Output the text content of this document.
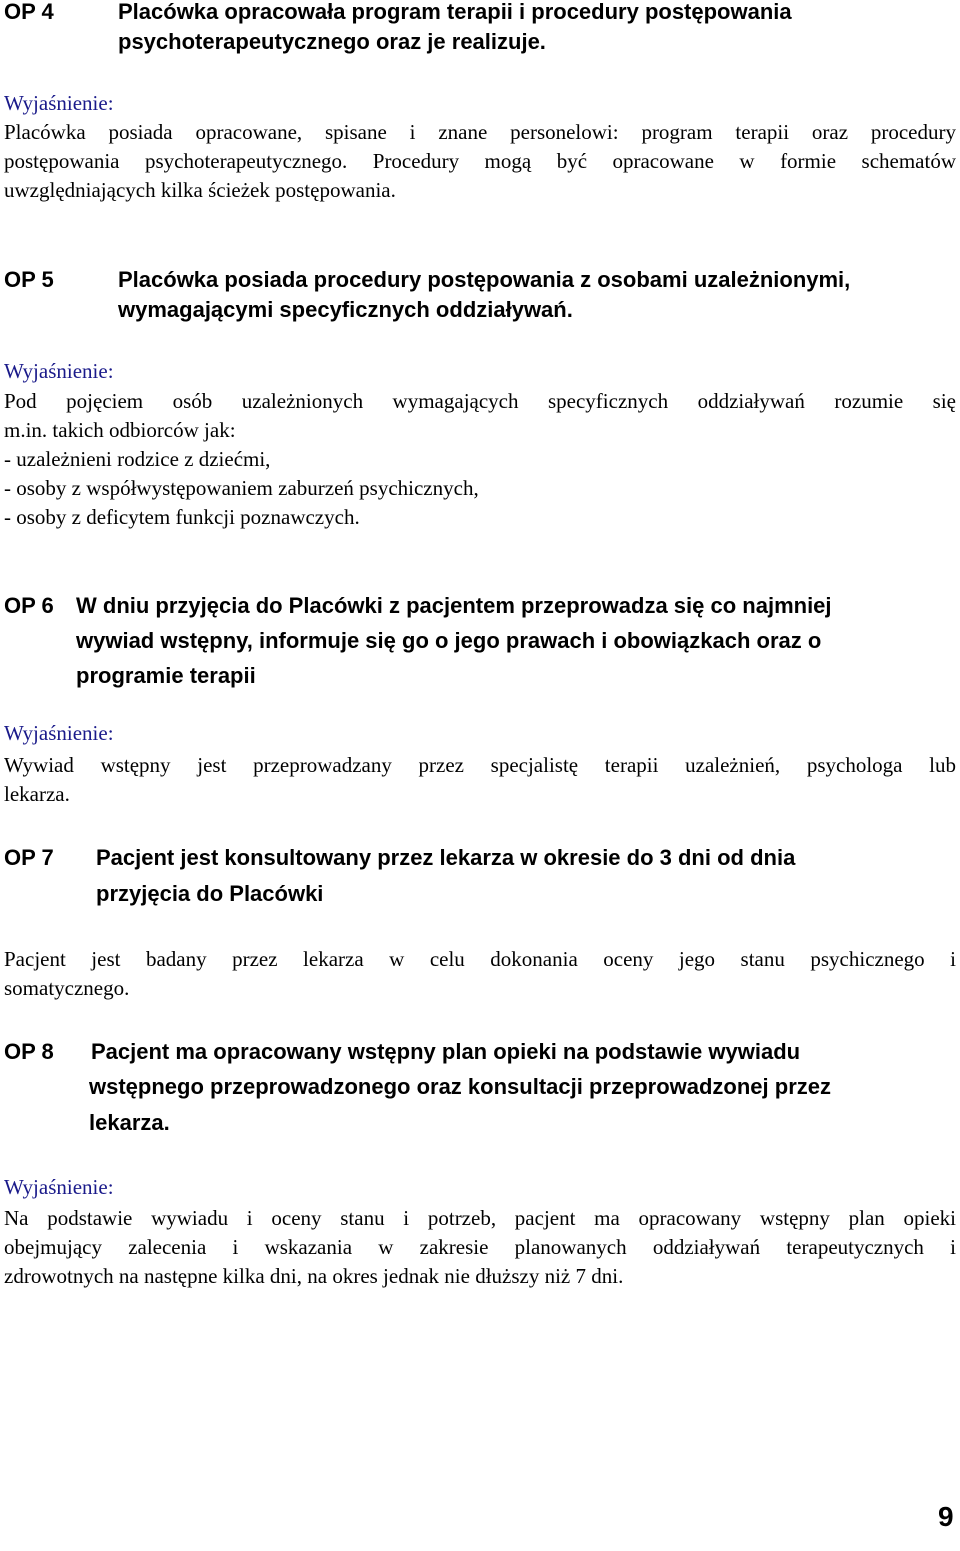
OP 4	Placówka opracowała program terapii i procedury postępowania
psychoterapeutycznego oraz je realizuje.
Wyjaśnienie:
Placówka posiada opracowane, spisane i znane personelowi: program terapii oraz procedury
postępowania psychoterapeutycznego. Procedury mogą być opracowane w formie schematów
uwzględniających kilka ścieżek postępowania.
OP 5	Placówka posiada procedury postępowania z osobami uzależnionymi,
wymagającymi specyficznych oddziaływań.
Wyjaśnienie:
Pod pojęciem osób uzależnionych wymagających specyficznych oddziaływań rozumie się
m.in. takich odbiorców jak:
- uzależnieni rodzice z dziećmi,
- osoby z współwystępowaniem zaburzeń psychicznych,
- osoby z deficytem funkcji poznawczych.
OP 6 W dniu przyjęcia do Placówki z pacjentem przeprowadza się co najmniej
wywiad wstępny, informuje się go o jego prawach i obowiązkach oraz o
programie terapii
Wyjaśnienie:
Wywiad wstępny jest przeprowadzany przez specjalistę terapii uzależnień, psychologa lub
lekarza.
OP 7 Pacjent jest konsultowany przez lekarza w okresie do 3 dni od dnia
przyjęcia do Placówki
Pacjent jest badany przez lekarza w celu dokonania oceny jego stanu psychicznego i
somatycznego.
OP 8 Pacjent ma opracowany wstępny plan opieki na podstawie wywiadu
wstępnego przeprowadzonego oraz konsultacji przeprowadzonej przez
lekarza.
Wyjaśnienie:
Na podstawie wywiadu i oceny stanu i potrzeb, pacjent ma opracowany wstępny plan opieki
obejmujący zalecenia i wskazania w zakresie planowanych oddziaływań terapeutycznych i
zdrowotnych na następne kilka dni, na okres jednak nie dłuższy niż 7 dni.
9
